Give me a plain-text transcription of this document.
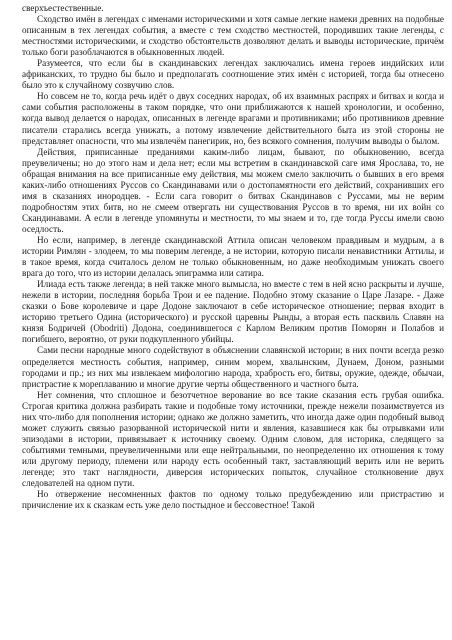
сверхъестественные.

Сходство имён в легендах с именами историческими и хотя самые легкие намеки древних на подобные описанным в тех легендах события, а вместе с тем сходство местностей, породивших такие легенды, с местностями историческими, и сходство обстоятельств дозволяют делать и выводы исторические, причём только боги разоблачаются в обыкновенных людей.

Разумеется, что если бы в скандинавских легендах заключались имена героев индийских или африканских, то трудно бы было и предполагать соотношение этих имён с историей, тогда бы отнесено было это к случайному созвучию слов.

Но совсем не то, когда речь идёт о двух соседних народах, об их взаимных распрях и битвах и когда и сами события расположены в таком порядке, что они приближаются к нашей хронологии, и особенно, когда вывод делается о народах, описанных в легенде врагами и противниками; ибо противников древние писатели старались всегда унижать, а потому извлечение действительного быта из этой стороны не представляет опасности, что мы извлечём панегирик, но, без всякого сомнения, получим выводы о былом.

Действия, приписанные преданиями каким-либо лицам, бывают, по обыкновению, всегда преувеличены; но до этого нам и дела нет; если мы встретим в скандинавской саге имя Ярослава, то, не обращая внимания на все приписанные ему действия, мы можем смело заключить о бывших в его время каких-либо отношениях Руссов со Скандинавами или о достопамятности его действий, сохранивших его имя в сказаниях инородцев. - Если сага говорит о битвах Скандинавов с Руссами, мы не верим подробностям этих битв, но не смеем отвергать ни существования Руссов в то время, ни их войн со Скандинавами. А если в легенде упомянуты и местности, то мы знаем и то, где тогда Руссы имели свою оседлость.

Но если, например, в легенде скандинавской Аттила описан человеком правдивым и мудрым, а в истории Римлян - злодеем, то мы поверим легенде, а не истории, которую писали ненавистники Аттилы, и в такое время, когда считалось делом не только обыкновенным, но даже необходимым унижать своего врага до того, что из истории делалась эпиграмма или сатира.

Илиада есть также легенда; в ней также много вымысла, но вместе с тем в ней ясно раскрыты и лучше, нежели в истории, последняя борьба Трои и ее падение. Подобно этому сказание о Царе Лазаре. - Даже сказки о Бове королевиче и царе Додоне заключают в себе историческое отношение; первая входит в историю третьего Одина (исторического) и русской царевны Рынды, а вторая есть пасквиль Славян на князя Бодричей (Obodriti) Додона, соединившегося с Карлом Великим против Поморян и Полабов и погибшего, вероятно, от руки подкупленного убийцы.

Сами песни народные много содействуют в объяснении славянской истории; в них почти всегда резко определяется местность события, например, синим морем, хвалынским, Дунаем, Доном, разными городами и пр.; из них мы извлекаем мифологию народа, храбрость его, битвы, оружие, одежде, обычаи, пристрастие к мореплаванию и многие другие черты общественного и частного быта.

Нет сомнения, что сплошное и безотчетное верование во все такие сказания есть грубая ошибка. Строгая критика должна разбирать такие и подобные тому источники, прежде нежели позаимствуется из них что-либо для пополнения истории; однако же должно заметить, что иногда даже один подобный вывод может служить связью разорванной исторической нити и явления, казавшиеся как бы отрывками или эпизодами в истории, привязывает к источнику своему. Одним словом, для историка, следящего за событиями темными, преувеличенными или еще нейтральными, по неопределенно их отношения к тому или другому периоду, племени или народу есть особенный такт, заставляющий верить или не верить легенде; это такт наглядности, диверсия исторических попыток, случайное столкновение двух следователей на одном пути.

Но отвержение несомненных фактов по одному только предубеждению или пристрастию и причисление их к сказкам есть уже дело постыдное и бессовестное! Такой
